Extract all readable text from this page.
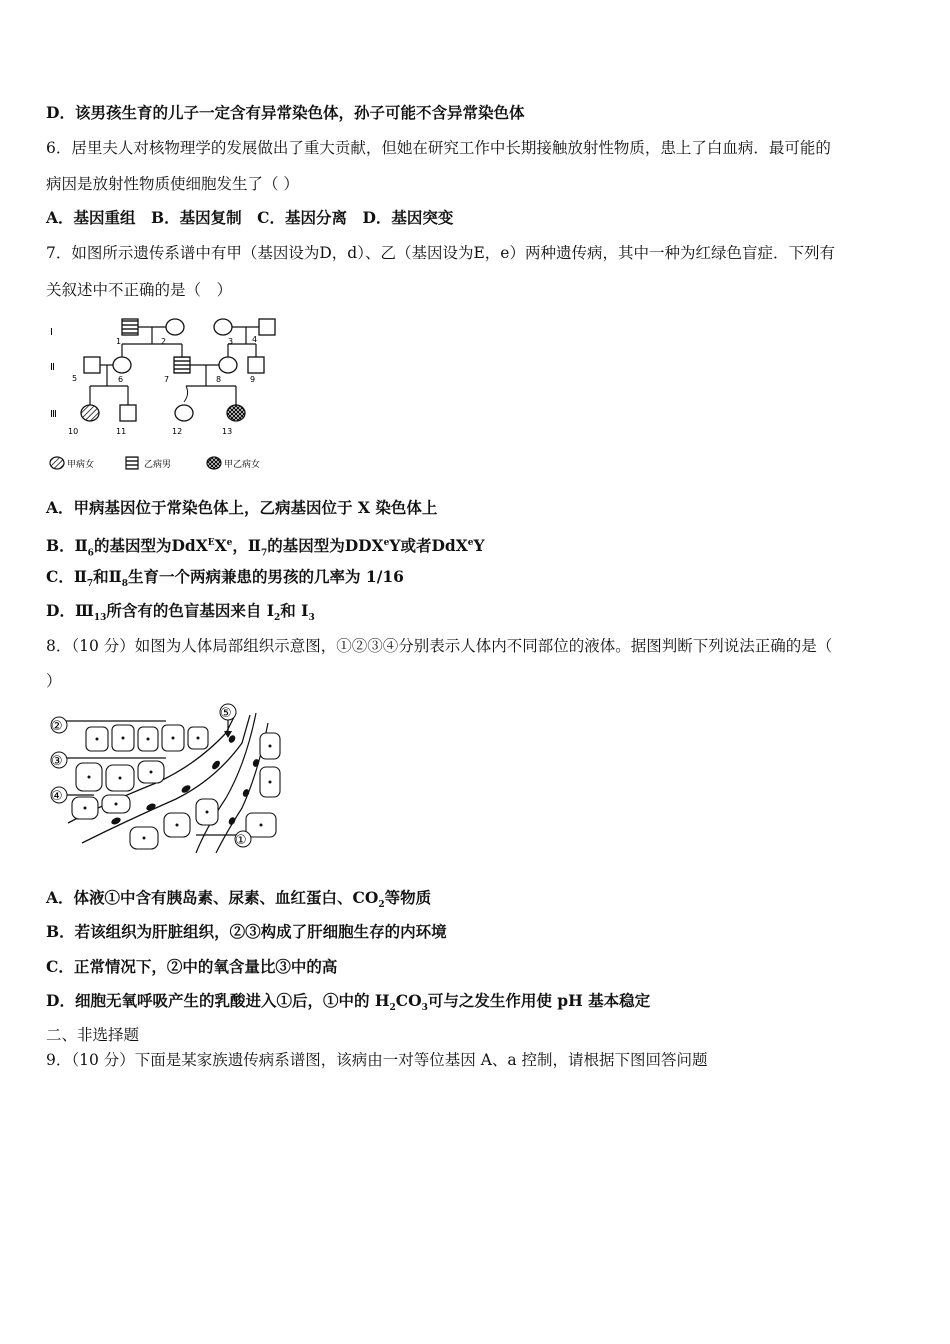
D．该男孩生育的儿子一定含有异常染色体，孙子可能不含异常染色体
6．居里夫人对核物理学的发展做出了重大贡献，但她在研究工作中长期接触放射性物质，患上了白血病．最可能的
病因是放射性物质使细胞发生了（ ）
A．基因重组　B．基因复制　C．基因分离　D．基因突变
7．如图所示遗传系谱中有甲（基因设为D，d）、乙（基因设为E，e）两种遗传病，其中一种为红绿色盲症．下列有
关叙述中不正确的是（　）
Ⅰ
Ⅱ
Ⅲ
1	2	3 4
5	6	7	8	9
10	11	12	13
甲病女	乙病男	甲乙病女
A．甲病基因位于常染色体上，乙病基因位于 X 染色体上
B．$Ⅱ_6$的基因型为DdX$^E$Xe，$Ⅱ_7$的基因型为DDXeY或者DdX$^e$Y
C．$Ⅱ_7$和$Ⅱ_8$生育一个两病兼患的男孩的几率为 1/16
D．$Ⅲ_{13}$所含有的色盲基因来自 $I_2$和 $I_3$
8．（10 分）如图为人体局部组织示意图，①②③④分别表示人体内不同部位的液体。据图判断下列说法正确的是（
）
②
③
④
⑤
①
A．体液①中含有胰岛素、尿素、血红蛋白、$CO_2$等物质
B．若该组织为肝脏组织，②③构成了肝细胞生存的内环境
C．正常情况下，②中的氧含量比③中的高
D．细胞无氧呼吸产生的乳酸进入①后，①中的 $H_2CO_3$可与之发生作用使 pH 基本稳定
二、非选择题
9．（10 分）下面是某家族遗传病系谱图，该病由一对等位基因 A、a 控制，请根据下图回答问题
